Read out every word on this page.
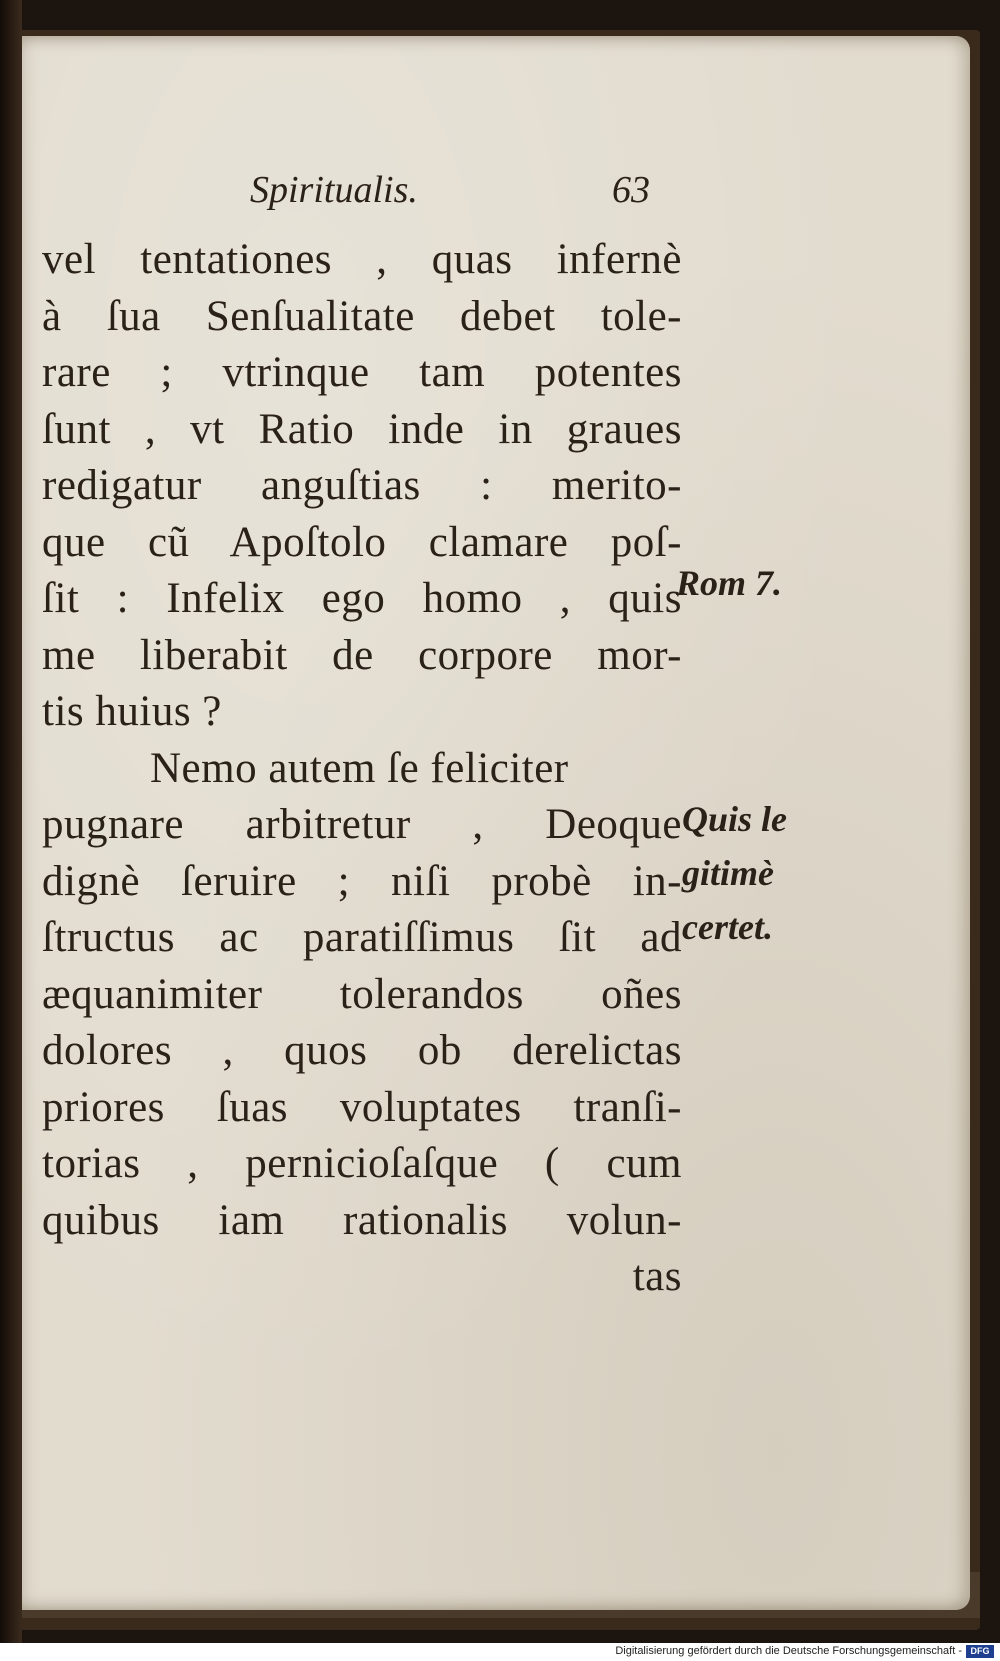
Spiritualis.	63
vel tentationes , quas infernè
à ſua Senſualitate debet tole-
rare ; vtrinque tam potentes
ſunt , vt Ratio inde in graues
redigatur anguſtias : merito-
que cũ Apoſtolo clamare poſ-
ſit : Infelix ego homo , quis
me liberabit de corpore mor-
tis huius ?
Nemo autem ſe feliciter
pugnare arbitretur , Deoque
dignè ſeruire ; niſi probè in-
ſtructus ac paratiſſimus ſit ad
æquanimiter tolerandos oñes
dolores , quos ob derelictas
priores ſuas voluptates tranſi-
torias , pernicioſaſque ( cum
quibus iam rationalis volun-
tas
Rom 7.
Quis le
gitimè
certet.
Digitalisierung gefördert durch die Deutsche Forschungsgemeinschaft - DFG
